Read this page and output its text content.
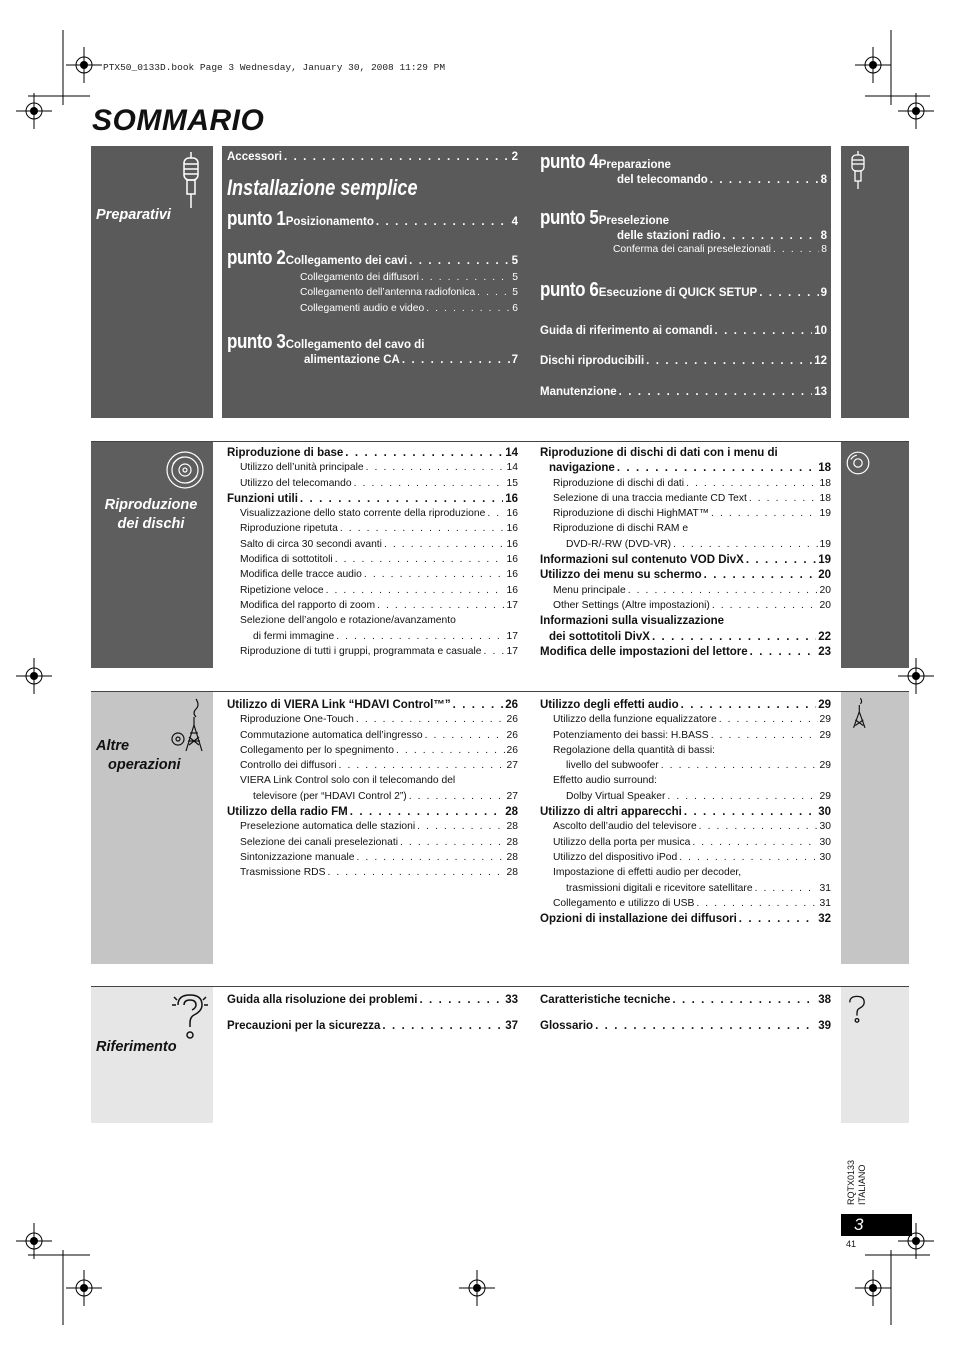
PTX50_0133D.book Page 3 Wednesday, January 30, 2008 11:29 PM
SOMMARIO
Preparativi
Accessori . . .	2
Installazione semplice
punto 1 Posizionamento . . .	4
punto 2 Collegamento dei cavi . . .	5
Collegamento dei diffusori . . .	5
Collegamento dell’antenna radiofonica . . .	5
Collegamenti audio e video . . .	6
punto 3Collegamento del cavo di
alimentazione CA . . .	7
punto 4Preparazione
del telecomando . . .	8
punto 5Preselezione
delle stazioni radio . . .	8
Conferma dei canali preselezionati . . .	8
punto 6 Esecuzione di QUICK SETUP . . .	9
Guida di riferimento ai comandi . . .	10
Dischi riproducibili . . .	12
Manutenzione . . .	13
Riproduzione
dei dischi
Riproduzione di base . . .	14
Utilizzo dell’unità principale . . .	14
Utilizzo del telecomando . . .	15
Funzioni utili . . .	16
Visualizzazione dello stato corrente della riproduzione . . . 16
Riproduzione ripetuta . . .	16
Salto di circa 30 secondi avanti . . .	16
Modifica di sottotitoli . . .	16
Modifica delle tracce audio . . .	16
Ripetizione veloce . . .	16
Modifica del rapporto di zoom . . .	17
Selezione dell’angolo e rotazione/avanzamento
di fermi immagine . . .	17
Riproduzione di tutti i gruppi, programmata e casuale . . . 17
Riproduzione di dischi di dati con i menu di
navigazione . . .	18
Riproduzione di dischi di dati . . .	18
Selezione di una traccia mediante CD Text . . .	18
Riproduzione di dischi HighMAT™ . . .	19
Riproduzione di dischi RAM e
DVD-R/-RW (DVD-VR) . . .	19
Informazioni sul contenuto VOD DivX . . .	19
Utilizzo dei menu su schermo . . .	20
Menu principale . . .	20
Other Settings (Altre impostazioni) . . .	20
Informazioni sulla visualizzazione
dei sottotitoli DivX . . .	22
Modifica delle impostazioni del lettore . . .	23
Altre
operazioni
Utilizzo di VIERA Link “HDAVI Control™” . . .	26
Riproduzione One-Touch . . .	26
Commutazione automatica dell’ingresso . . .	26
Collegamento per lo spegnimento . . .	26
Controllo dei diffusori . . .	27
VIERA Link Control solo con il telecomando del
televisore (per “HDAVI Control 2”) . . .	27
Utilizzo della radio FM . . .	28
Preselezione automatica delle stazioni . . .	28
Selezione dei canali preselezionati . . .	28
Sintonizzazione manuale . . .	28
Trasmissione RDS . . .	28
Utilizzo degli effetti audio . . .	29
Utilizzo della funzione equalizzatore . . .	29
Potenziamento dei bassi: H.BASS . . .	29
Regolazione della quantità di bassi:
livello del subwoofer . . .	29
Effetto audio surround:
Dolby Virtual Speaker . . .	29
Utilizzo di altri apparecchi . . .	30
Ascolto dell’audio del televisore . . .	30
Utilizzo della porta per musica . . .	30
Utilizzo del dispositivo iPod . . .	30
Impostazione di effetti audio per decoder,
trasmissioni digitali e ricevitore satellitare . . .	31
Collegamento e utilizzo di USB . . .	31
Opzioni di installazione dei diffusori . . .	32
Riferimento
Guida alla risoluzione dei problemi . . .	33
Precauzioni per la sicurezza . . .	37
Caratteristiche tecniche . . .	38
Glossario . . .	39
RQTX0133 ITALIANO
3
41
